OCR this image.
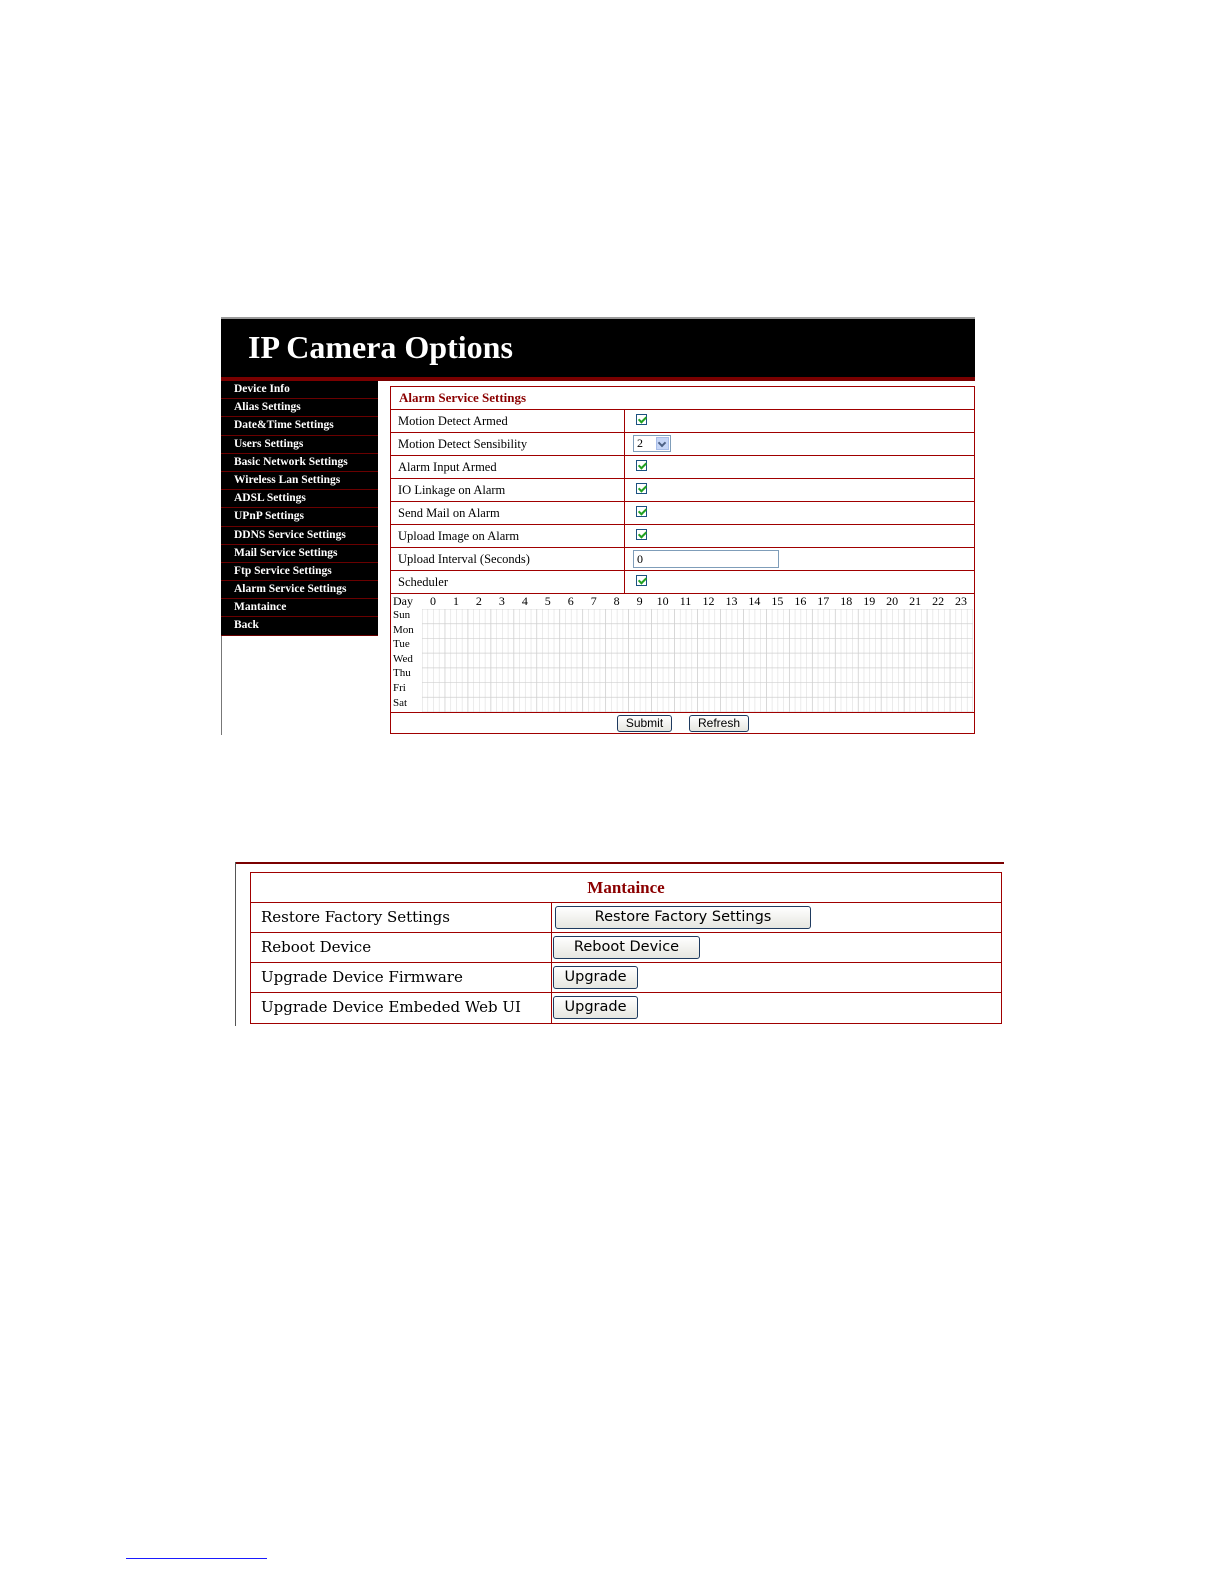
IP Camera Options
Device Info
Alias Settings
Date&Time Settings
Users Settings
Basic Network Settings
Wireless Lan Settings
ADSL Settings
UPnP Settings
DDNS Service Settings
Mail Service Settings
Ftp Service Settings
Alarm Service Settings
Mantaince
Back
Alarm Service Settings
Motion Detect Armed
Motion Detect Sensibility	2
Alarm Input Armed
IO Linkage on Alarm
Send Mail on Alarm
Upload Image on Alarm
Upload Interval (Seconds)	0
Scheduler
Day	0	1	2	3	4	5	6	7	8	9	10 11 12 13 14 15 16 17 18 19 20 21 22 23
Sun
Mon
Tue
Wed
Thu
Fri
Sat
Submit	Refresh
Mantaince
Restore Factory Settings	Restore Factory Settings
Reboot Device	Reboot Device
Upgrade Device Firmware	Upgrade
Upgrade Device Embeded Web UI	Upgrade
